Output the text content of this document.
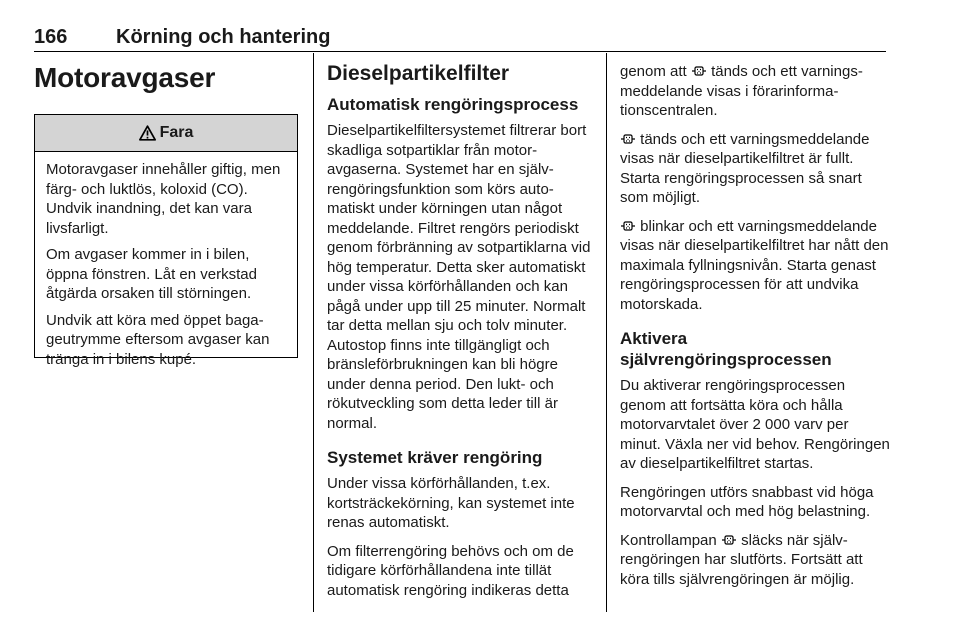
166 Körning och hantering
Motoravgaser
Fara

Motoravgaser innehåller giftig, men färg- och luktlös, koloxid (CO). Undvik inandning, det kan vara livsfarligt.

Om avgaser kommer in i bilen, öppna fönstren. Låt en verkstad åtgärda orsaken till störningen.

Undvik att köra med öppet bagageutrymme eftersom avgaser kan tränga in i bilens kupé.

Dieselpartikelfilter
Automatisk rengöringsprocess

Dieselpartikelfiltersystemet filtrerar bort skadliga sotpartiklar från motoravgaserna. Systemet har en självrengöringsfunktion som körs automatiskt under körningen utan något meddelande. Filtret rengörs periodiskt genom förbränning av sotpartiklarna vid hög temperatur. Detta sker automatiskt under vissa körförhållanden och kan pågå under upp till 25 minuter. Normalt tar detta mellan sju och tolv minuter. Autostop finns inte tillgängligt och bränsleförbrukningen kan bli högre under denna period. Den lukt- och rökutveckling som detta leder till är normal.

Systemet kräver rengöring

Under vissa körförhållanden, t.ex. kortsträckekörning, kan systemet inte renas automatiskt.

Om filterrengöring behövs och om de tidigare körförhållandena inte tillät automatisk rengöring indikeras detta

genom att tänds och ett varningsmeddelande visas i förarinformationscentralen.

tänds och ett varningsmeddelande visas när dieselpartikelfiltret är fullt. Starta rengöringsprocessen så snart som möjligt.

blinkar och ett varningsmeddelande visas när dieselpartikelfiltret har nått den maximala fyllningsnivån. Starta genast rengöringsprocessen för att undvika motorskada.

Aktivera självrengöringsprocessen

Du aktiverar rengöringsprocessen genom att fortsätta köra och hålla motorvarvtalet över 2 000 varv per minut. Växla ner vid behov. Rengöringen av dieselpartikelfiltret startas.

Rengöringen utförs snabbast vid höga motorvarvtal och med hög belastning.

Kontrollampan släcks när självrengöringen har slutförts. Fortsätt att köra tills självrengöringen är möjlig.
